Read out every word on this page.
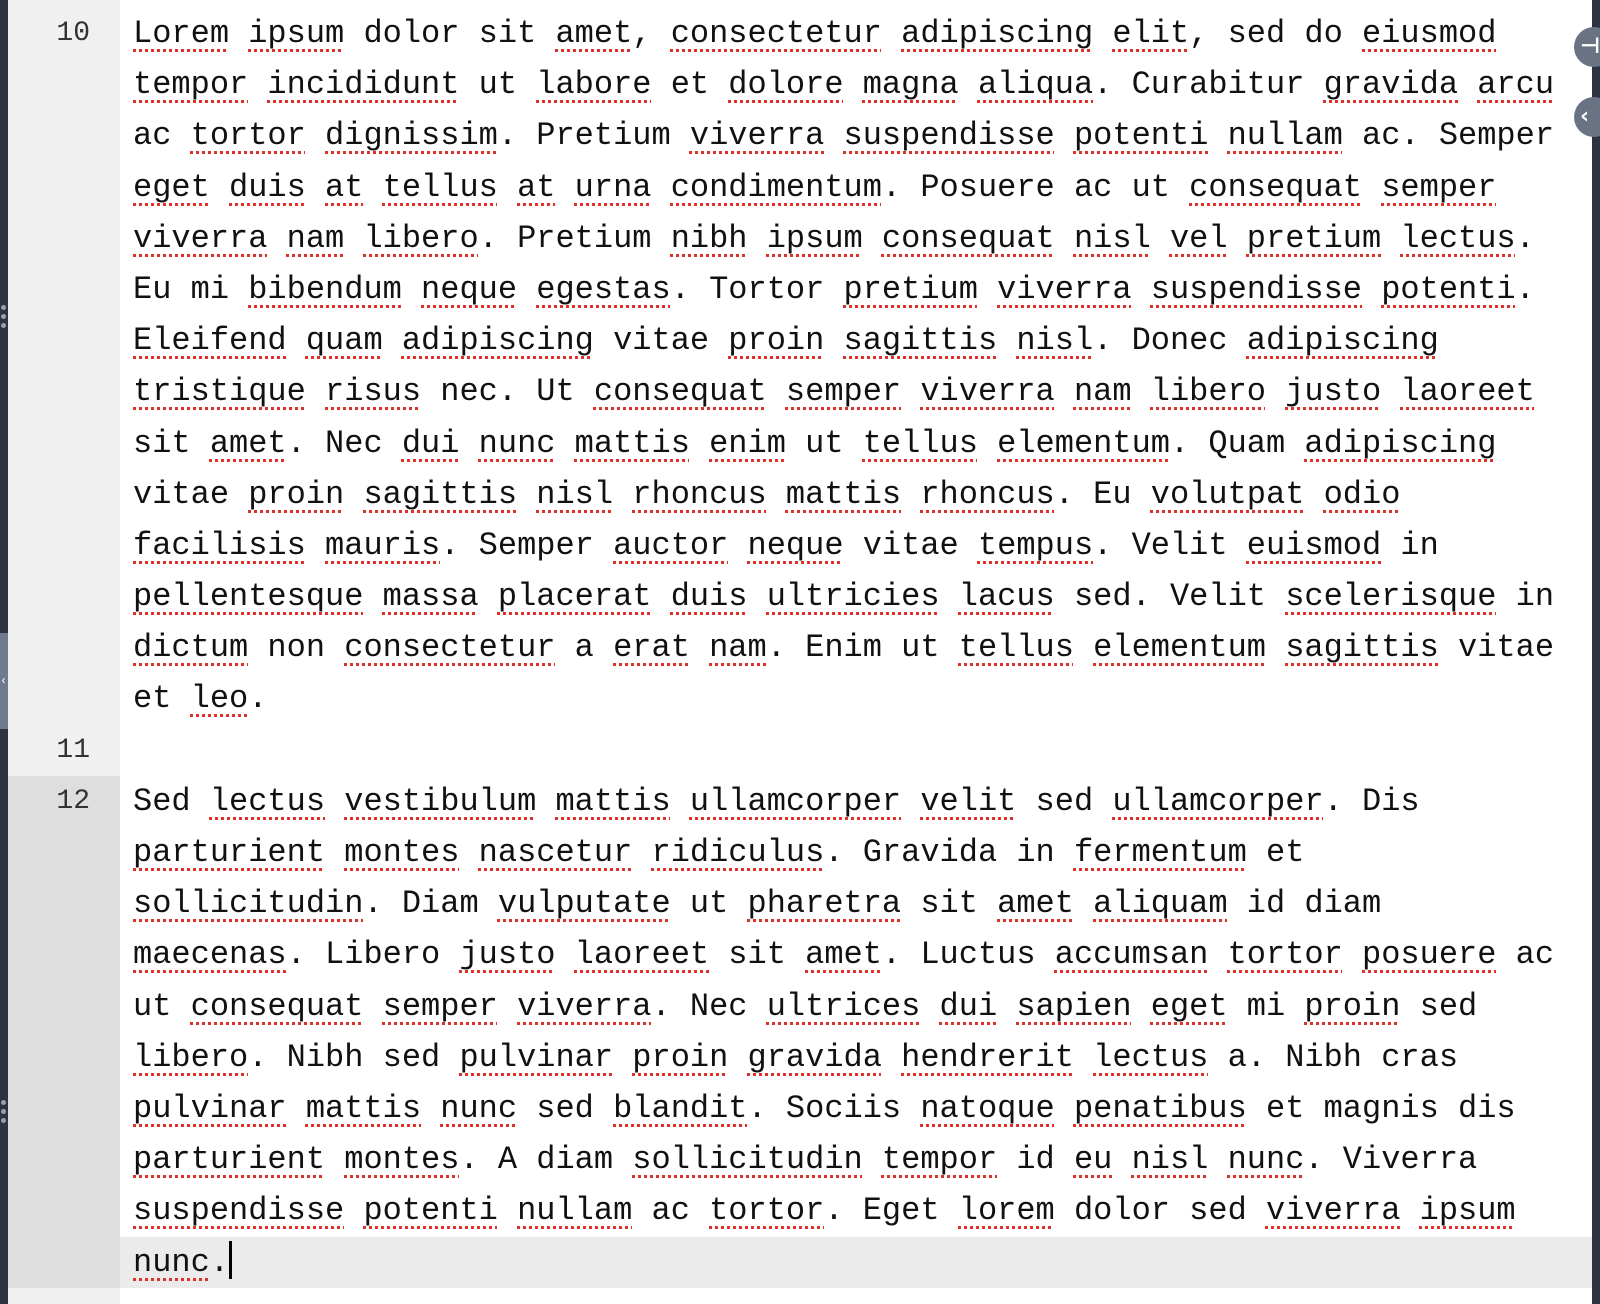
‹
10	Lorem ipsum dolor sit amet, consectetur adipiscing elit, sed do eiusmod

tempor incididunt ut labore et dolore magna aliqua. Curabitur gravida arcu

ac tortor dignissim. Pretium viverra suspendisse potenti nullam ac. Semper

eget duis at tellus at urna condimentum. Posuere ac ut consequat semper

viverra nam libero. Pretium nibh ipsum consequat nisl vel pretium lectus.

Eu mi bibendum neque egestas. Tortor pretium viverra suspendisse potenti.

Eleifend quam adipiscing vitae proin sagittis nisl. Donec adipiscing

tristique risus nec. Ut consequat semper viverra nam libero justo laoreet

sit amet. Nec dui nunc mattis enim ut tellus elementum. Quam adipiscing

vitae proin sagittis nisl rhoncus mattis rhoncus. Eu volutpat odio

facilisis mauris. Semper auctor neque vitae tempus. Velit euismod in

pellentesque massa placerat duis ultricies lacus sed. Velit scelerisque in

dictum non consectetur a erat nam. Enim ut tellus elementum sagittis vitae

et leo.

11
12	Sed lectus vestibulum mattis ullamcorper velit sed ullamcorper. Dis

parturient montes nascetur ridiculus. Gravida in fermentum et

sollicitudin. Diam vulputate ut pharetra sit amet aliquam id diam

maecenas. Libero justo laoreet sit amet. Luctus accumsan tortor posuere ac

ut consequat semper viverra. Nec ultrices dui sapien eget mi proin sed

libero. Nibh sed pulvinar proin gravida hendrerit lectus a. Nibh cras

pulvinar mattis nunc sed blandit. Sociis natoque penatibus et magnis dis

parturient montes. A diam sollicitudin tempor id eu nisl nunc. Viverra

suspendisse potenti nullam ac tortor. Eget lorem dolor sed viverra ipsum

nunc.
⊣
‹
